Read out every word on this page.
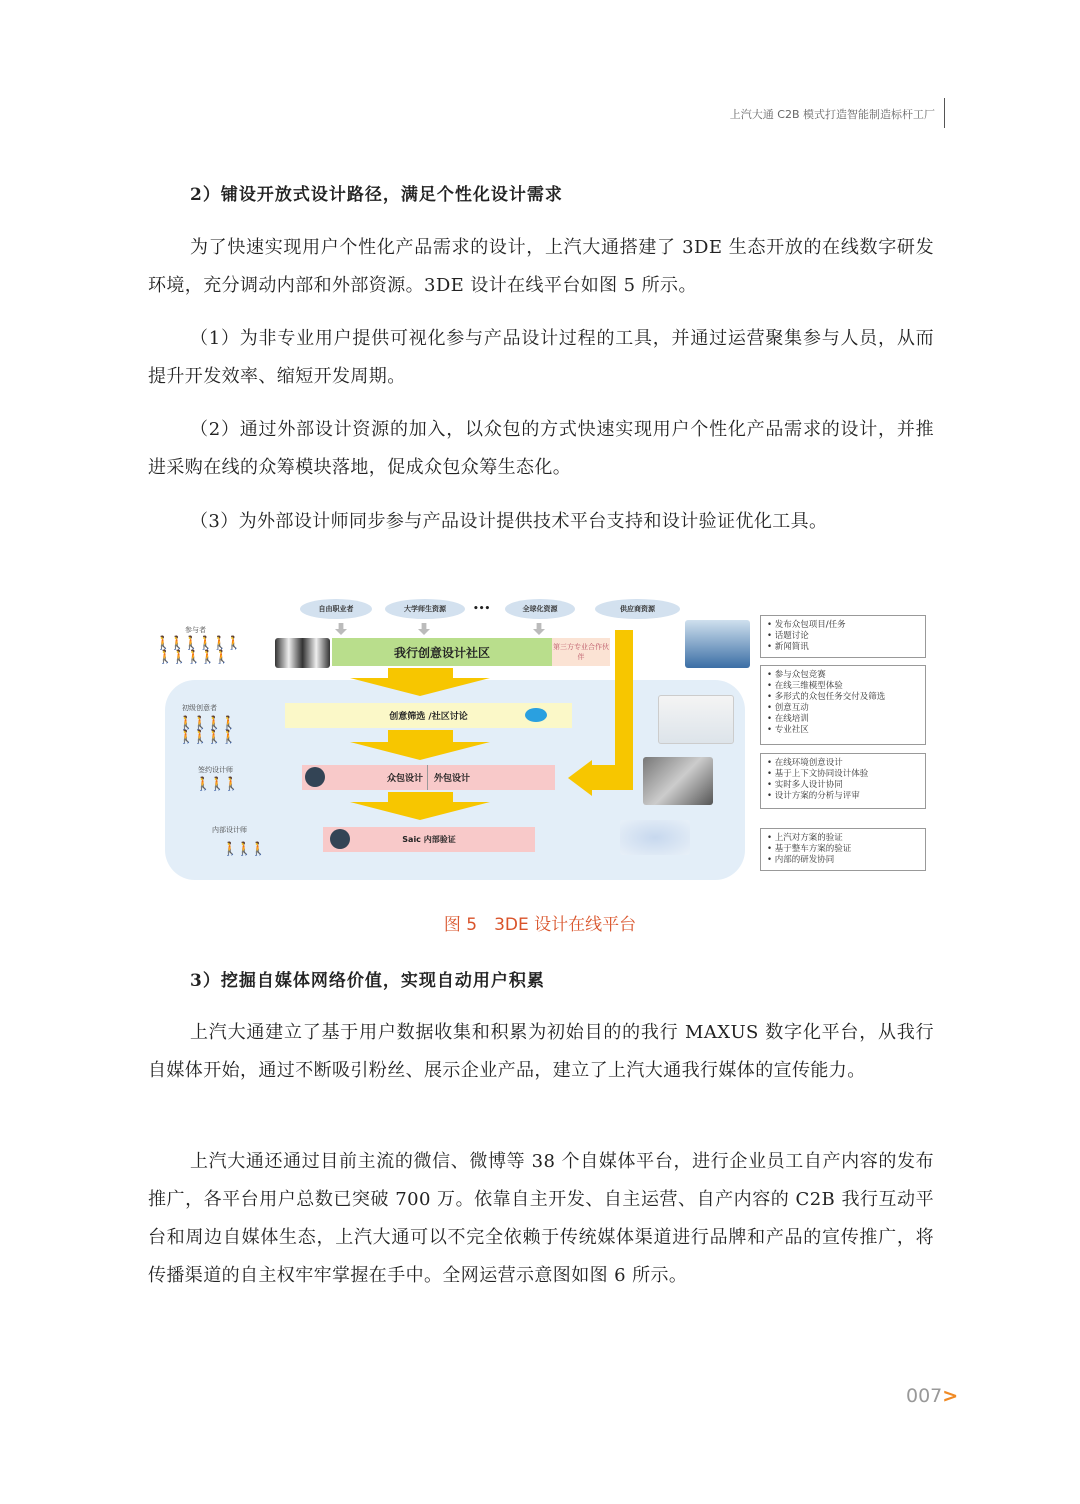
上汽大通 C2B 模式打造智能制造标杆工厂
2）铺设开放式设计路径，满足个性化设计需求
为了快速实现用户个性化产品需求的设计，上汽大通搭建了 3DE 生态开放的在线数字研发环境，充分调动内部和外部资源。3DE 设计在线平台如图 5 所示。
（1）为非专业用户提供可视化参与产品设计过程的工具，并通过运营聚集参与人员，从而提升开发效率、缩短开发周期。
（2）通过外部设计资源的加入，以众包的方式快速实现用户个性化产品需求的设计，并推进采购在线的众筹模块落地，促成众包众筹生态化。
（3）为外部设计师同步参与产品设计提供技术平台支持和设计验证优化工具。
自由职业者	大学师生资源	•••	全球化资源	供应商资源
参与者
🚶🚶🚶🚶🚶🚶
🚶🚶🚶🚶🚶
初级创意者
🚶🚶🚶🚶
🚶🚶🚶🚶
签约设计师
🚶🚶🚶
内部设计师
🚶🚶🚶
我行创意设计社区	第三方专业合作伙伴
创意筛选 /社区讨论
众包设计	外包设计
Saic 内部验证
• 发布众包项目/任务
• 话题讨论
• 新闻简讯
• 参与众包竞赛
• 在线三维模型体验
• 多形式的众包任务交付及筛选
• 创意互动
• 在线培训
• 专业社区
• 在线环境创意设计
• 基于上下文协同设计体验
• 实时多人设计协同
• 设计方案的分析与评审
• 上汽对方案的验证
• 基于整车方案的验证
• 内部的研发协同
图 5　3DE 设计在线平台
3）挖掘自媒体网络价值，实现自动用户积累
上汽大通建立了基于用户数据收集和积累为初始目的的我行 MAXUS 数字化平台，从我行自媒体开始，通过不断吸引粉丝、展示企业产品，建立了上汽大通我行媒体的宣传能力。
上汽大通还通过目前主流的微信、微博等 38 个自媒体平台，进行企业员工自产内容的发布推广，各平台用户总数已突破 700 万。依靠自主开发、自主运营、自产内容的 C2B 我行互动平台和周边自媒体生态，上汽大通可以不完全依赖于传统媒体渠道进行品牌和产品的宣传推广，将传播渠道的自主权牢牢掌握在手中。全网运营示意图如图 6 所示。
007>
